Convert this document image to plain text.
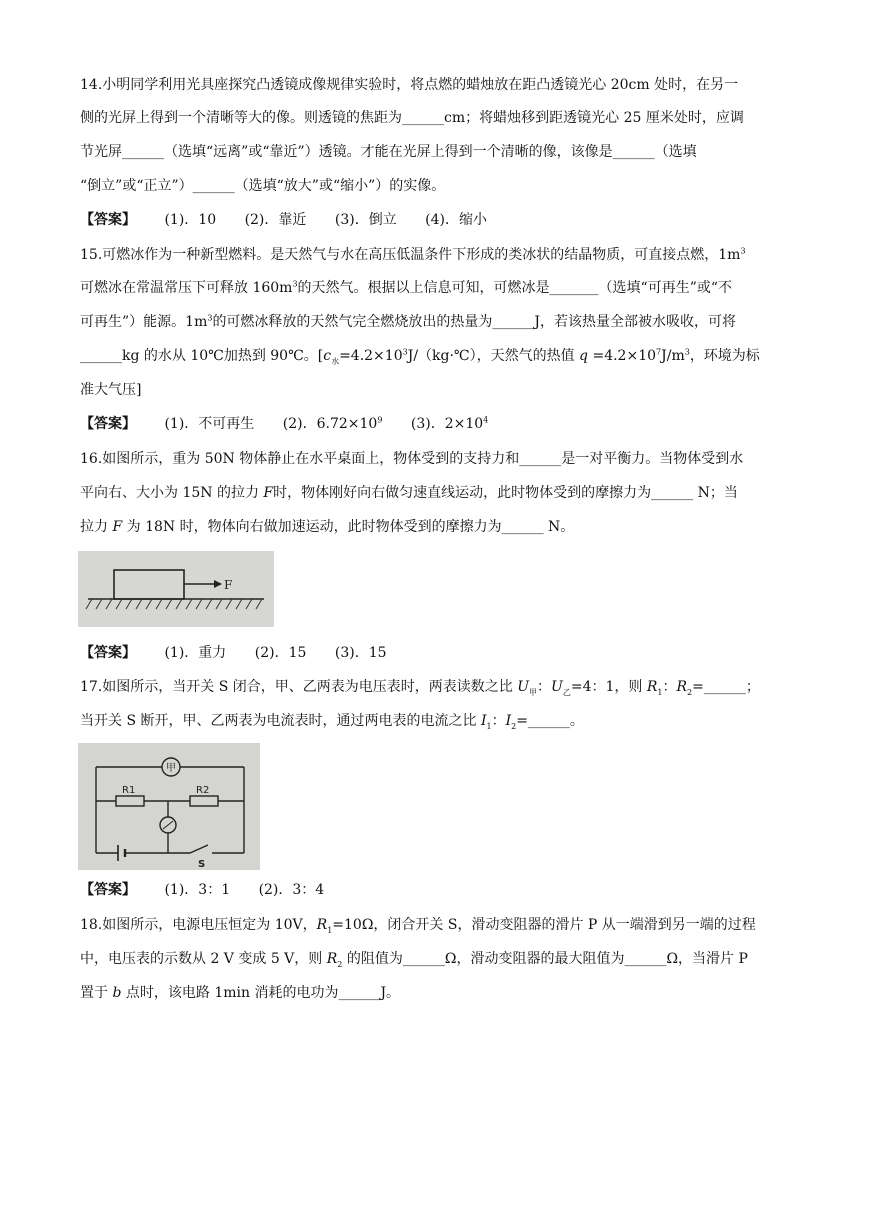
14.小明同学利用光具座探究凸透镜成像规律实验时，将点燃的蜡烛放在距凸透镜光心 20cm 处时，在另一
侧的光屏上得到一个清晰等大的像。则透镜的焦距为______cm；将蜡烛移到距透镜光心 25 厘米处时，应调
节光屏______（选填“远离”或“靠近”）透镜。才能在光屏上得到一个清晰的像，该像是______（选填
“倒立”或“正立”）______（选填“放大”或“缩小”）的实像。
【答案】 (1)．10 (2)．靠近 (3)．倒立 (4)．缩小
15.可燃冰作为一种新型燃料。是天然气与水在高压低温条件下形成的类冰状的结晶物质，可直接点燃，$1m^3$
可燃冰在常温常压下可释放 $160m^3$的天然气。根据以上信息可知，可燃冰是_______（选填“可再生”或“不
可再生”）能源。$1m^3$的可燃冰释放的天然气完全燃烧放出的热量为______J，若该热量全部被水吸收，可将
______kg 的水从 10℃加热到 90℃。[$c_水=4.2\times 10^3J/(kg\cdot℃)$，天然气的热值 $q =4.2\times 10^7J/m^3$，环境为标
准大气压]
【答案】 (1)．不可再生 (2)．$6.72\times 10^9$ (3)．$2\times 10^4$
16.如图所示，重为 50N 物体静止在水平桌面上，物体受到的支持力和______是一对平衡力。当物体受到水
平向右、大小为 15N 的拉力 F时，物体刚好向右做匀速直线运动，此时物体受到的摩擦力为______ N；当
拉力 F 为 18N 时，物体向右做加速运动，此时物体受到的摩擦力为______ N。
F
【答案】 (1)．重力 (2)．15 (3)．15
17.如图所示，当开关 S 闭合，甲、乙两表为电压表时，两表读数之比 $U_甲$：$U_乙=4$：1，则 $R_1$：$R_2=\_\_\_\_\_\_$；
当开关 S 断开，甲、乙两表为电流表时，通过两电表的电流之比 $I_1$：$I_2=\_\_\_\_\_\_$。
甲
R1	R2
S
【答案】 (1)．3：1 (2)．3：4
18.如图所示，电源电压恒定为 10V，$R_1=10\Omega$，闭合开关 S，滑动变阻器的滑片 P 从一端滑到另一端的过程
中，电压表的示数从 2 V 变成 5 V，则 $R_2$ 的阻值为______Ω，滑动变阻器的最大阻值为______Ω，当滑片 P
置于 b 点时，该电路 1min 消耗的电功为______J。
